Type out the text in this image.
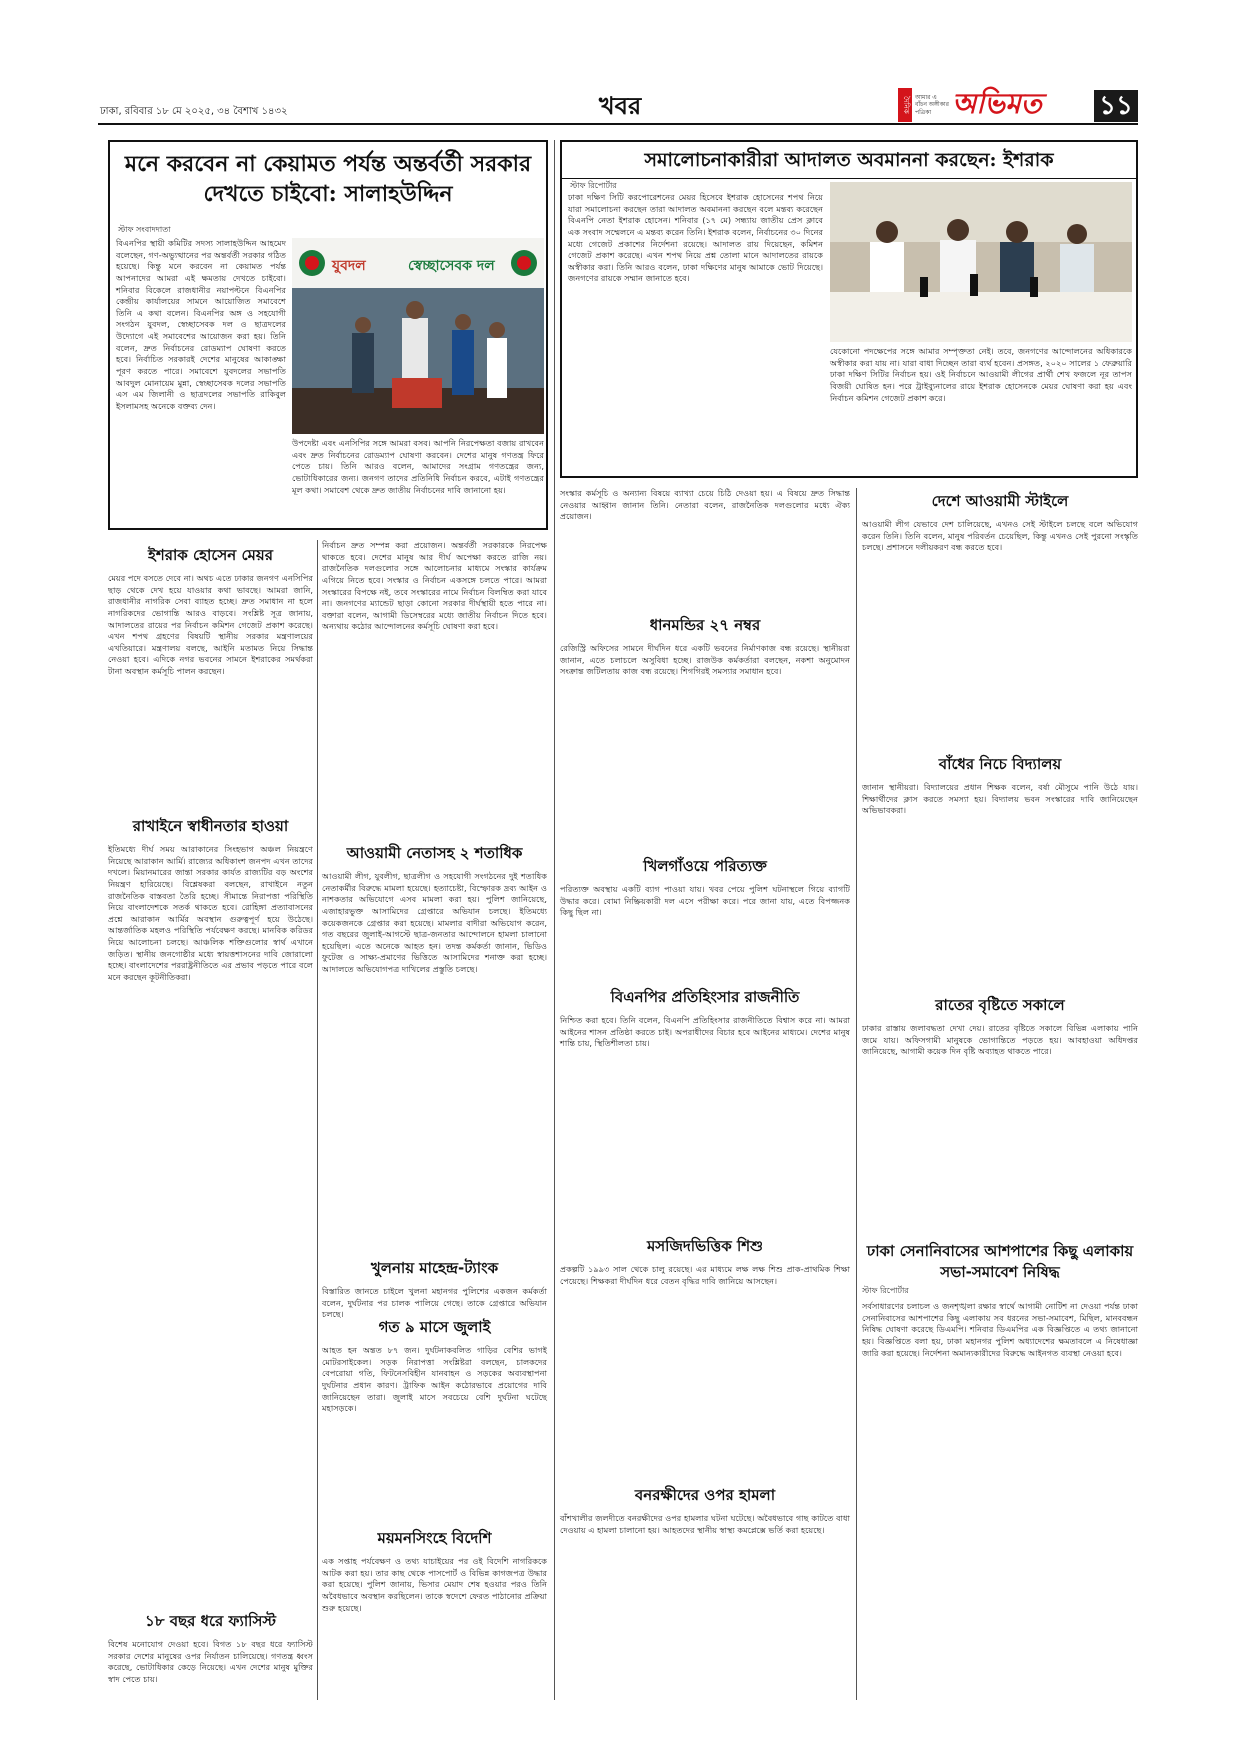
ঢাকা, রবিবার ১৮ মে ২০২৫, ৩৪ বৈশাখ ১৪৩২	খবর	দৈনিক আমার এ বাঁচন অঙ্গীকার পত্রিকা অভিমত ১১
মনে করবেন না কেয়ামত পর্যন্ত অন্তর্বর্তী সরকার দেখতে চাইবো: সালাহউদ্দিন
স্টাফ সংবাদদাতা
যুবদল	স্বেচ্ছাসেবক দল
বিএনপির স্থায়ী কমিটির সদস্য সালাহউদ্দিন আহমেদ বলেছেন, গণ-অভ্যুত্থানের পর অন্তর্বর্তী সরকার গঠিত হয়েছে। কিন্তু মনে করবেন না কেয়ামত পর্যন্ত আপনাদের আমরা এই ক্ষমতায় দেখতে চাইবো। শনিবার বিকেলে রাজধানীর নয়াপল্টনে বিএনপির কেন্দ্রীয় কার্যালয়ের সামনে আয়োজিত সমাবেশে তিনি এ কথা বলেন। বিএনপির অঙ্গ ও সহযোগী সংগঠন যুবদল, স্বেচ্ছাসেবক দল ও ছাত্রদলের উদ্যোগে এই সমাবেশের আয়োজন করা হয়। তিনি বলেন, দ্রুত নির্বাচনের রোডম্যাপ ঘোষণা করতে হবে। নির্বাচিত সরকারই দেশের মানুষের আকাঙ্ক্ষা পূরণ করতে পারে। সমাবেশে যুবদলের সভাপতি আবদুল মোনায়েম মুন্না, স্বেচ্ছাসেবক দলের সভাপতি এস এম জিলানী ও ছাত্রদলের সভাপতি রাকিবুল ইসলামসহ অনেকে বক্তব্য দেন।
উপদেষ্টা এবং এনসিপির সঙ্গে আমরা বসব। আপনি নিরপেক্ষতা বজায় রাখবেন এবং দ্রুত নির্বাচনের রোডম্যাপ ঘোষণা করবেন। দেশের মানুষ গণতন্ত্র ফিরে পেতে চায়। তিনি আরও বলেন, আমাদের সংগ্রাম গণতন্ত্রের জন্য, ভোটাধিকারের জন্য। জনগণ তাদের প্রতিনিধি নির্বাচন করবে, এটাই গণতন্ত্রের মূল কথা। সমাবেশ থেকে দ্রুত জাতীয় নির্বাচনের দাবি জানানো হয়।
সমালোচনাকারীরা আদালত অবমাননা করছেন: ইশরাক
স্টাফ রিপোর্টার
ঢাকা দক্ষিণ সিটি করপোরেশনের মেয়র হিসেবে ইশরাক হোসেনের শপথ নিয়ে যারা সমালোচনা করছেন তারা আদালত অবমাননা করছেন বলে মন্তব্য করেছেন বিএনপি নেতা ইশরাক হোসেন। শনিবার (১৭ মে) সন্ধ্যায় জাতীয় প্রেস ক্লাবে এক সংবাদ সম্মেলনে এ মন্তব্য করেন তিনি। ইশরাক বলেন, নির্বাচনের ৩০ দিনের মধ্যে গেজেট প্রকাশের নির্দেশনা রয়েছে। আদালত রায় দিয়েছেন, কমিশন গেজেট প্রকাশ করেছে। এখন শপথ নিয়ে প্রশ্ন তোলা মানে আদালতের রায়কে অস্বীকার করা। তিনি আরও বলেন, ঢাকা দক্ষিণের মানুষ আমাকে ভোট দিয়েছে। জনগণের রায়কে সম্মান জানাতে হবে।
যেকোনো পদক্ষেপের সঙ্গে আমার সম্পৃক্ততা নেই। তবে, জনগণের আন্দোলনের অধিকারকে অস্বীকার করা যায় না। যারা বাধা দিচ্ছেন তারা ব্যর্থ হবেন। প্রসঙ্গত, ২০২০ সালের ১ ফেব্রুয়ারি ঢাকা দক্ষিণ সিটির নির্বাচন হয়। ওই নির্বাচনে আওয়ামী লীগের প্রার্থী শেখ ফজলে নূর তাপস বিজয়ী ঘোষিত হন। পরে ট্রাইব্যুনালের রায়ে ইশরাক হোসেনকে মেয়র ঘোষণা করা হয় এবং নির্বাচন কমিশন গেজেট প্রকাশ করে।
ইশরাক হোসেন মেয়র
মেয়র পদে বসতে দেবে না। অথচ এতে ঢাকার জনগণ এনসিপির ছাড় থেকে দেখ হয়ে যাওয়ার কথা ভাবছে। আমরা জানি, রাজধানীর নাগরিক সেবা ব্যাহত হচ্ছে। দ্রুত সমাধান না হলে নাগরিকদের ভোগান্তি আরও বাড়বে। সংশ্লিষ্ট সূত্র জানায়, আদালতের রায়ের পর নির্বাচন কমিশন গেজেট প্রকাশ করেছে। এখন শপথ গ্রহণের বিষয়টি স্থানীয় সরকার মন্ত্রণালয়ের এখতিয়ারে। মন্ত্রণালয় বলছে, আইনি মতামত নিয়ে সিদ্ধান্ত নেওয়া হবে। এদিকে নগর ভবনের সামনে ইশরাকের সমর্থকরা টানা অবস্থান কর্মসূচি পালন করছেন।
রাখাইনে স্বাধীনতার হাওয়া
ইতিমধ্যে দীর্ঘ সময় আরাকানের সিংহভাগ অঞ্চল নিয়ন্ত্রণে নিয়েছে আরাকান আর্মি। রাজ্যের অধিকাংশ জনপদ এখন তাদের দখলে। মিয়ানমারের জান্তা সরকার কার্যত রাজ্যটির বড় অংশের নিয়ন্ত্রণ হারিয়েছে। বিশ্লেষকরা বলছেন, রাখাইনে নতুন রাজনৈতিক বাস্তবতা তৈরি হচ্ছে। সীমান্তে নিরাপত্তা পরিস্থিতি নিয়ে বাংলাদেশকে সতর্ক থাকতে হবে। রোহিঙ্গা প্রত্যাবাসনের প্রশ্নে আরাকান আর্মির অবস্থান গুরুত্বপূর্ণ হয়ে উঠেছে। আন্তর্জাতিক মহলও পরিস্থিতি পর্যবেক্ষণ করছে। মানবিক করিডর নিয়ে আলোচনা চলছে। আঞ্চলিক শক্তিগুলোর স্বার্থ এখানে জড়িত। স্থানীয় জনগোষ্ঠীর মধ্যে স্বায়ত্তশাসনের দাবি জোরালো হচ্ছে। বাংলাদেশের পররাষ্ট্রনীতিতে এর প্রভাব পড়তে পারে বলে মনে করছেন কূটনীতিকরা।
১৮ বছর ধরে ফ্যাসিস্ট
বিশেষ মনোযোগ দেওয়া হবে। বিগত ১৮ বছর ধরে ফ্যাসিস্ট সরকার দেশের মানুষের ওপর নির্যাতন চালিয়েছে। গণতন্ত্র ধ্বংস করেছে, ভোটাধিকার কেড়ে নিয়েছে। এখন দেশের মানুষ মুক্তির স্বাদ পেতে চায়।
নির্বাচন দ্রুত সম্পন্ন করা প্রয়োজন। অন্তর্বর্তী সরকারকে নিরপেক্ষ থাকতে হবে। দেশের মানুষ আর দীর্ঘ অপেক্ষা করতে রাজি নয়। রাজনৈতিক দলগুলোর সঙ্গে আলোচনার মাধ্যমে সংস্কার কার্যক্রম এগিয়ে নিতে হবে। সংস্কার ও নির্বাচন একসঙ্গে চলতে পারে। আমরা সংস্কারের বিপক্ষে নই, তবে সংস্কারের নামে নির্বাচন বিলম্বিত করা যাবে না। জনগণের ম্যান্ডেট ছাড়া কোনো সরকার দীর্ঘস্থায়ী হতে পারে না। বক্তারা বলেন, আগামী ডিসেম্বরের মধ্যে জাতীয় নির্বাচন দিতে হবে। অন্যথায় কঠোর আন্দোলনের কর্মসূচি ঘোষণা করা হবে।
আওয়ামী নেতাসহ ২ শতাধিক
আওয়ামী লীগ, যুবলীগ, ছাত্রলীগ ও সহযোগী সংগঠনের দুই শতাধিক নেতাকর্মীর বিরুদ্ধে মামলা হয়েছে। হত্যাচেষ্টা, বিস্ফোরক দ্রব্য আইন ও নাশকতার অভিযোগে এসব মামলা করা হয়। পুলিশ জানিয়েছে, এজাহারভুক্ত আসামিদের গ্রেপ্তারে অভিযান চলছে। ইতিমধ্যে কয়েকজনকে গ্রেপ্তার করা হয়েছে। মামলার বাদীরা অভিযোগ করেন, গত বছরের জুলাই-আগস্টে ছাত্র-জনতার আন্দোলনে হামলা চালানো হয়েছিল। এতে অনেকে আহত হন। তদন্ত কর্মকর্তা জানান, ভিডিও ফুটেজ ও সাক্ষ্য-প্রমাণের ভিত্তিতে আসামিদের শনাক্ত করা হচ্ছে। আদালতে অভিযোগপত্র দাখিলের প্রস্তুতি চলছে।
খুলনায় মাহেন্দ্র-ট্যাংক
বিস্তারিত জানতে চাইলে খুলনা মহানগর পুলিশের একজন কর্মকর্তা বলেন, দুর্ঘটনার পর চালক পালিয়ে গেছে। তাকে গ্রেপ্তারে অভিযান চলছে।
গত ৯ মাসে জুলাই
আহত হন অন্তত ৮৭ জন। দুর্ঘটনাকবলিত গাড়ির বেশির ভাগই মোটরসাইকেল। সড়ক নিরাপত্তা সংশ্লিষ্টরা বলছেন, চালকদের বেপরোয়া গতি, ফিটনেসবিহীন যানবাহন ও সড়কের অব্যবস্থাপনা দুর্ঘটনার প্রধান কারণ। ট্রাফিক আইন কঠোরভাবে প্রয়োগের দাবি জানিয়েছেন তারা। জুলাই মাসে সবচেয়ে বেশি দুর্ঘটনা ঘটেছে মহাসড়কে।
ময়মনসিংহে বিদেশি
এক সপ্তাহ পর্যবেক্ষণ ও তথ্য যাচাইয়ের পর ওই বিদেশি নাগরিককে আটক করা হয়। তার কাছ থেকে পাসপোর্ট ও বিভিন্ন কাগজপত্র উদ্ধার করা হয়েছে। পুলিশ জানায়, ভিসার মেয়াদ শেষ হওয়ার পরও তিনি অবৈধভাবে অবস্থান করছিলেন। তাকে স্বদেশে ফেরত পাঠানোর প্রক্রিয়া শুরু হয়েছে।
সংস্কার কর্মসূচি ও অন্যান্য বিষয়ে ব্যাখ্যা চেয়ে চিঠি দেওয়া হয়। এ বিষয়ে দ্রুত সিদ্ধান্ত নেওয়ার আহ্বান জানান তিনি। নেতারা বলেন, রাজনৈতিক দলগুলোর মধ্যে ঐক্য প্রয়োজন।
ধানমন্ডির ২৭ নম্বর
রেজিস্ট্রি অফিসের সামনে দীর্ঘদিন ধরে একটি ভবনের নির্মাণকাজ বন্ধ রয়েছে। স্থানীয়রা জানান, এতে চলাচলে অসুবিধা হচ্ছে। রাজউক কর্মকর্তারা বলছেন, নকশা অনুমোদন সংক্রান্ত জটিলতায় কাজ বন্ধ রয়েছে। শিগগিরই সমস্যার সমাধান হবে।
খিলগাঁওয়ে পরিত্যক্ত
পরিত্যক্ত অবস্থায় একটি ব্যাগ পাওয়া যায়। খবর পেয়ে পুলিশ ঘটনাস্থলে গিয়ে ব্যাগটি উদ্ধার করে। বোমা নিষ্ক্রিয়কারী দল এসে পরীক্ষা করে। পরে জানা যায়, এতে বিপজ্জনক কিছু ছিল না।
বিএনপির প্রতিহিংসার রাজনীতি
নিশ্চিত করা হবে। তিনি বলেন, বিএনপি প্রতিহিংসার রাজনীতিতে বিশ্বাস করে না। আমরা আইনের শাসন প্রতিষ্ঠা করতে চাই। অপরাধীদের বিচার হবে আইনের মাধ্যমে। দেশের মানুষ শান্তি চায়, স্থিতিশীলতা চায়।
মসজিদভিত্তিক শিশু
প্রকল্পটি ১৯৯৩ সাল থেকে চালু রয়েছে। এর মাধ্যমে লক্ষ লক্ষ শিশু প্রাক-প্রাথমিক শিক্ষা পেয়েছে। শিক্ষকরা দীর্ঘদিন ধরে বেতন বৃদ্ধির দাবি জানিয়ে আসছেন।
বনরক্ষীদের ওপর হামলা
বাঁশখালীর জলদীতে বনরক্ষীদের ওপর হামলার ঘটনা ঘটেছে। অবৈধভাবে গাছ কাটতে বাধা দেওয়ায় এ হামলা চালানো হয়। আহতদের স্থানীয় স্বাস্থ্য কমপ্লেক্সে ভর্তি করা হয়েছে।
দেশে আওয়ামী স্টাইলে
আওয়ামী লীগ যেভাবে দেশ চালিয়েছে, এখনও সেই স্টাইলে চলছে বলে অভিযোগ করেন তিনি। তিনি বলেন, মানুষ পরিবর্তন চেয়েছিল, কিন্তু এখনও সেই পুরনো সংস্কৃতি চলছে। প্রশাসনে দলীয়করণ বন্ধ করতে হবে।
বাঁধের নিচে বিদ্যালয়
জানান স্থানীয়রা। বিদ্যালয়ের প্রধান শিক্ষক বলেন, বর্ষা মৌসুমে পানি উঠে যায়। শিক্ষার্থীদের ক্লাস করতে সমস্যা হয়। বিদ্যালয় ভবন সংস্কারের দাবি জানিয়েছেন অভিভাবকরা।
রাতের বৃষ্টিতে সকালে
ঢাকার রাস্তায় জলাবদ্ধতা দেখা দেয়। রাতের বৃষ্টিতে সকালে বিভিন্ন এলাকায় পানি জমে যায়। অফিসগামী মানুষকে ভোগান্তিতে পড়তে হয়। আবহাওয়া অধিদপ্তর জানিয়েছে, আগামী কয়েক দিন বৃষ্টি অব্যাহত থাকতে পারে।
ঢাকা সেনানিবাসের আশপাশের কিছু এলাকায় সভা-সমাবেশ নিষিদ্ধ
স্টাফ রিপোর্টার
সর্বসাধারণের চলাচল ও জনশৃঙ্খলা রক্ষার স্বার্থে আগামী নোটিশ না দেওয়া পর্যন্ত ঢাকা সেনানিবাসের আশপাশের কিছু এলাকায় সব ধরনের সভা-সমাবেশ, মিছিল, মানববন্ধন নিষিদ্ধ ঘোষণা করেছে ডিএমপি। শনিবার ডিএমপির এক বিজ্ঞপ্তিতে এ তথ্য জানানো হয়। বিজ্ঞপ্তিতে বলা হয়, ঢাকা মহানগর পুলিশ অধ্যাদেশের ক্ষমতাবলে এ নিষেধাজ্ঞা জারি করা হয়েছে। নির্দেশনা অমান্যকারীদের বিরুদ্ধে আইনগত ব্যবস্থা নেওয়া হবে।
